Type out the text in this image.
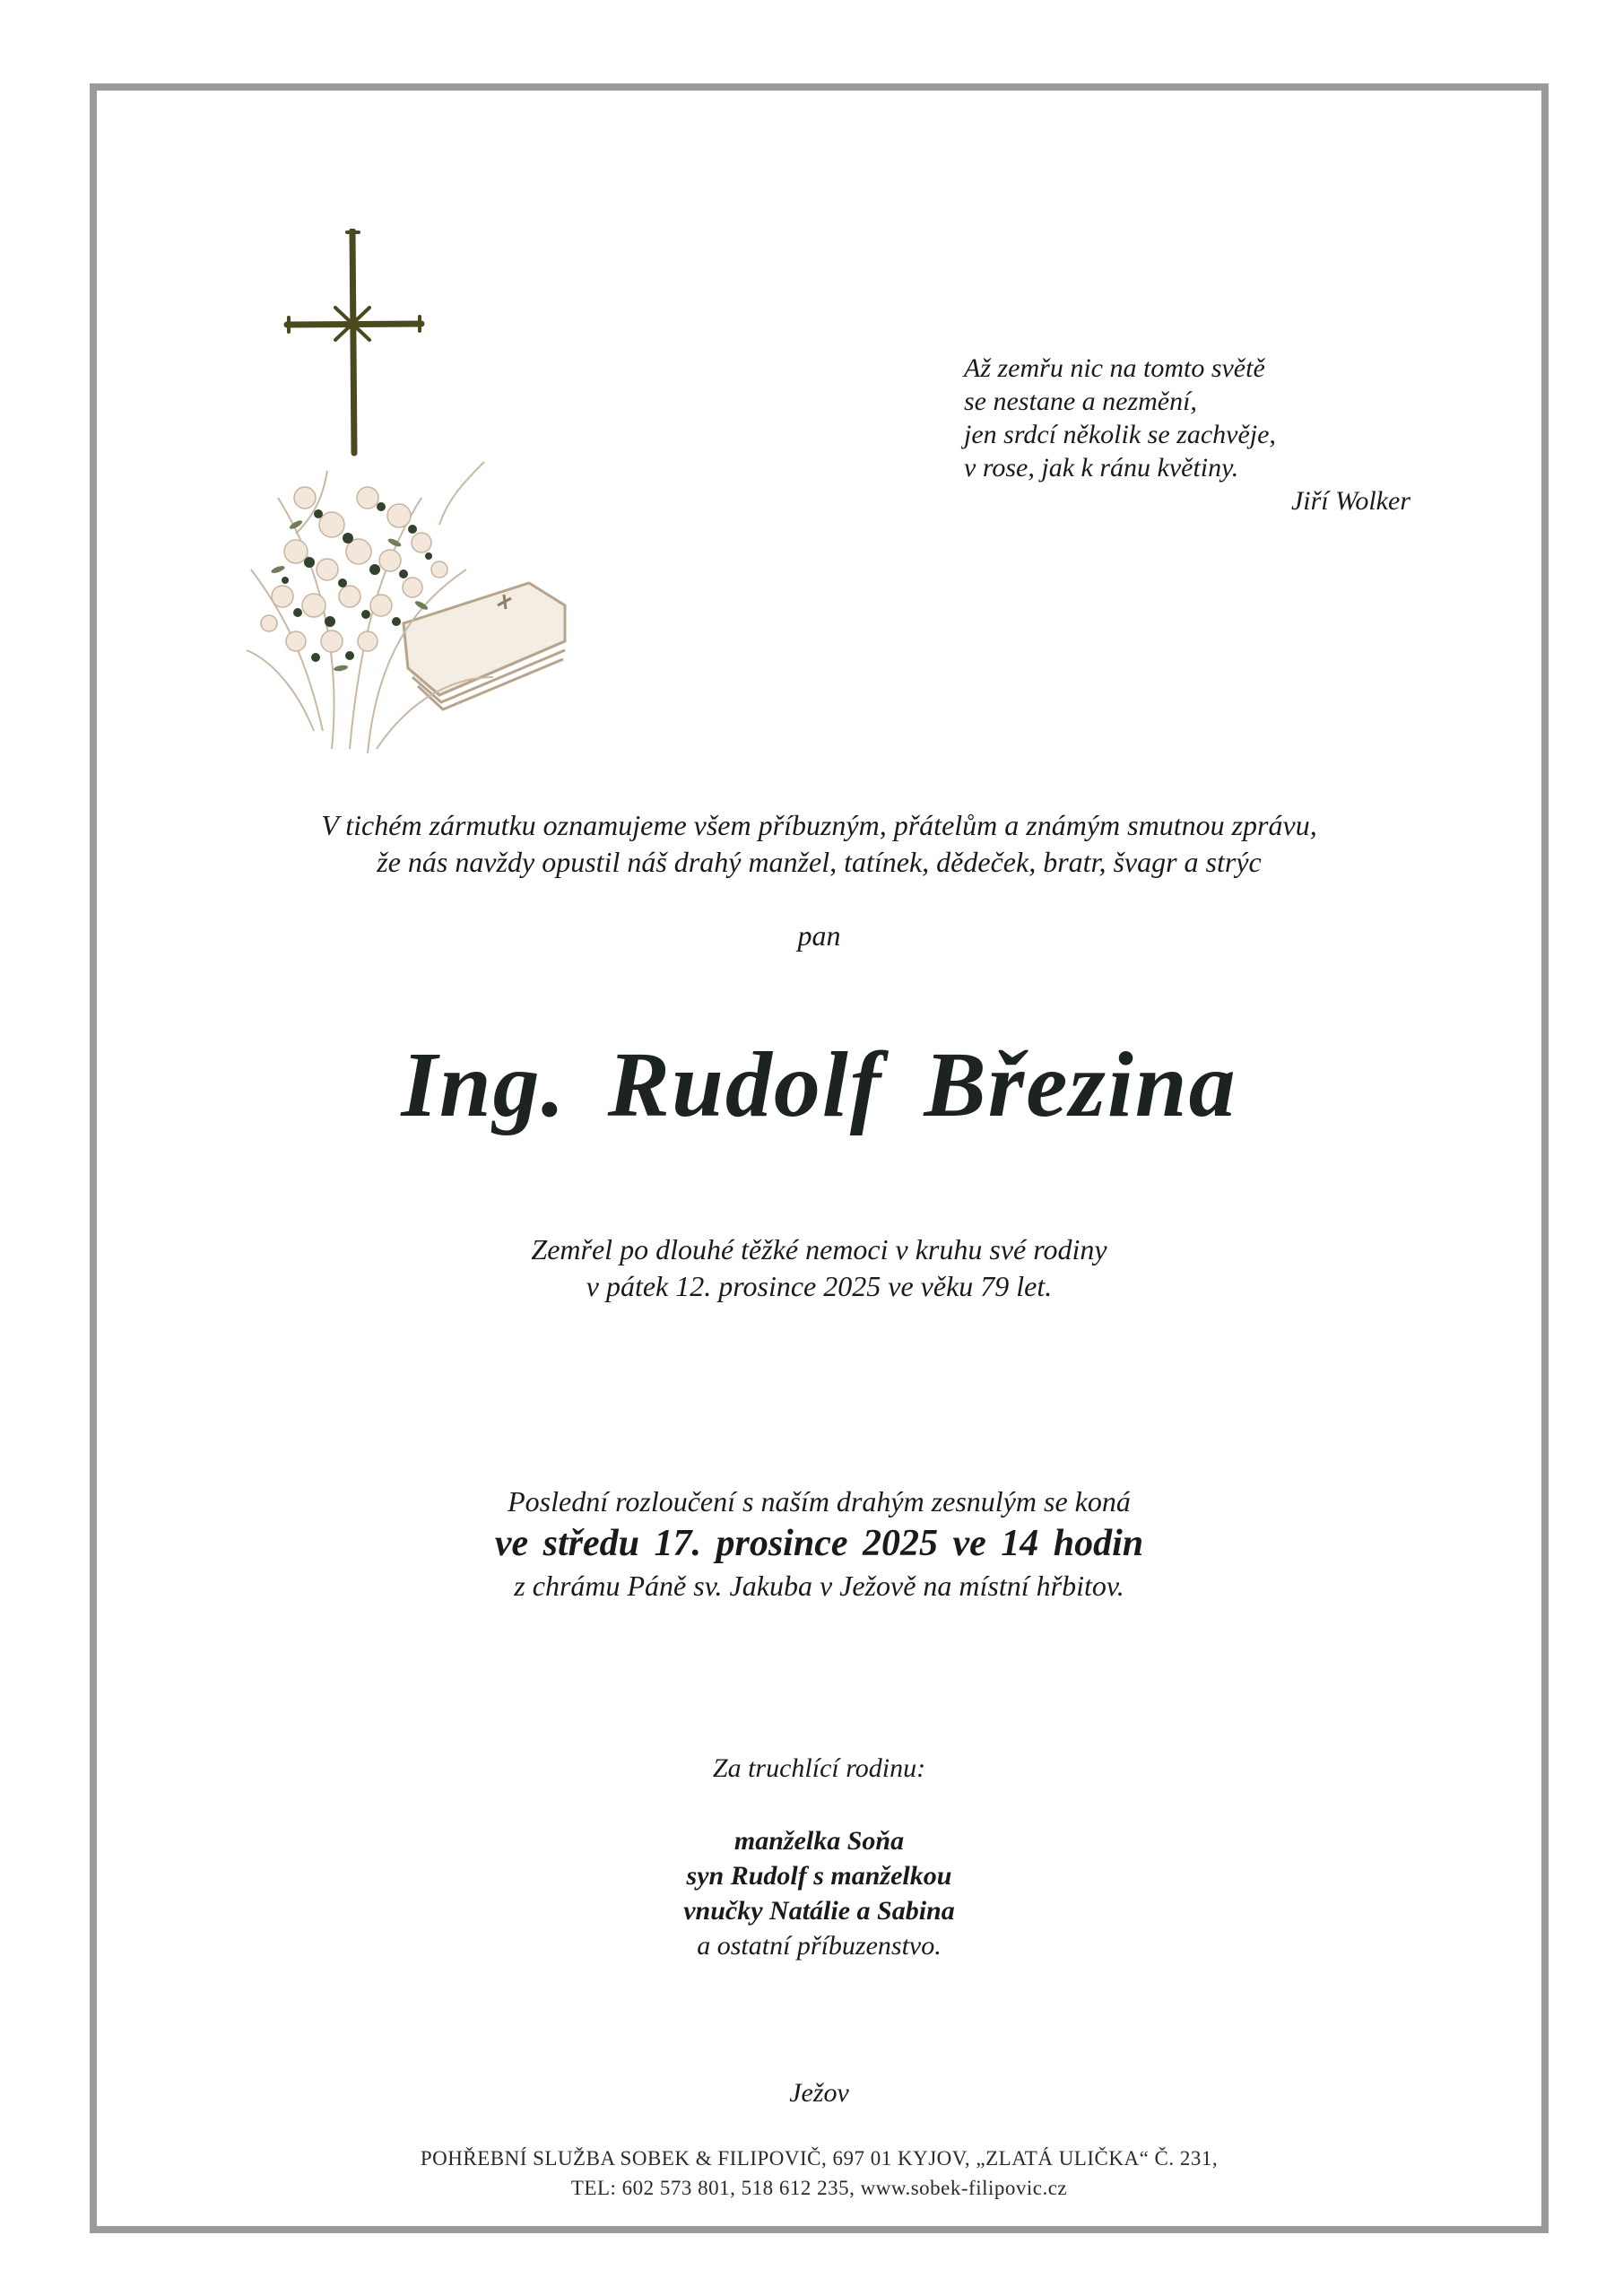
Až zemřu nic na tomto světě
se nestane a nezmění,
jen srdcí několik se zachvěje,
v rose, jak k ránu květiny.
Jiří Wolker
V tichém zármutku oznamujeme všem příbuzným, přátelům a známým smutnou zprávu,
že nás navždy opustil náš drahý manžel, tatínek, dědeček, bratr, švagr a strýc
pan
Ing. Rudolf Březina
Zemřel po dlouhé těžké nemoci v kruhu své rodiny
v pátek 12. prosince 2025 ve věku 79 let.
Poslední rozloučení s naším drahým zesnulým se koná
ve středu 17. prosince 2025 ve 14 hodin
z chrámu Páně sv. Jakuba v Ježově na místní hřbitov.
Za truchlící rodinu:
manželka Soňa
syn Rudolf s manželkou
vnučky Natálie a Sabina
a ostatní příbuzenstvo.
Ježov
POHŘEBNÍ SLUŽBA SOBEK & FILIPOVIČ, 697 01 KYJOV, „ZLATÁ ULIČKA“ Č. 231,
TEL: 602 573 801, 518 612 235, www.sobek-filipovic.cz
